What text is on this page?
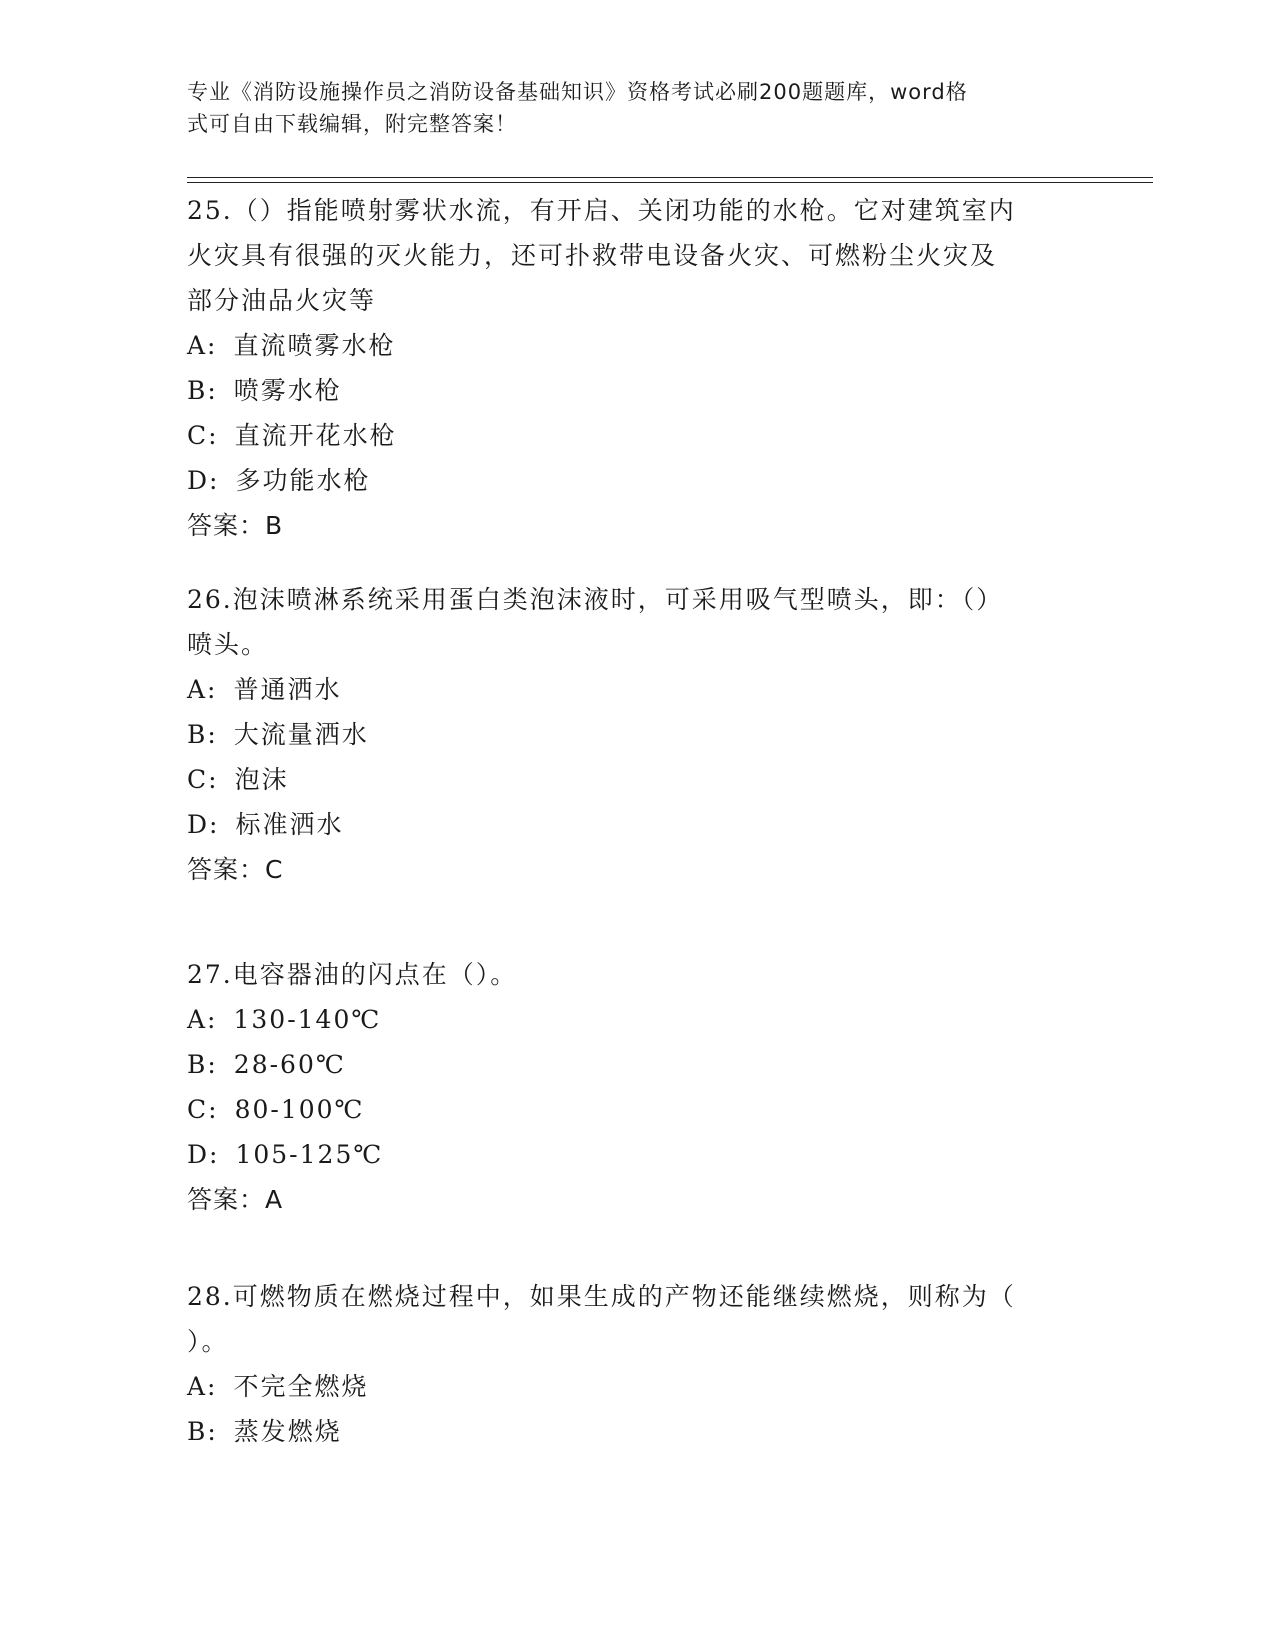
专业《消防设施操作员之消防设备基础知识》资格考试必刷200题题库，word格
式可自由下载编辑，附完整答案！

25.（）指能喷射雾状水流，有开启、关闭功能的水枪。它对建筑室内

火灾具有很强的灭火能力，还可扑救带电设备火灾、可燃粉尘火灾及

部分油品火灾等

A: 直流喷雾水枪

B: 喷雾水枪

C: 直流开花水枪

D: 多功能水枪

答案：B

26.泡沫喷淋系统采用蛋白类泡沫液时，可采用吸气型喷头，即：（）

喷头。

A: 普通洒水

B: 大流量洒水

C: 泡沫

D: 标准洒水

答案：C

27.电容器油的闪点在（）。

A: 130-140℃

B: 28-60℃

C: 80-100℃

D: 105-125℃

答案：A

28.可燃物质在燃烧过程中，如果生成的产物还能继续燃烧，则称为（

）。

A: 不完全燃烧

B: 蒸发燃烧
